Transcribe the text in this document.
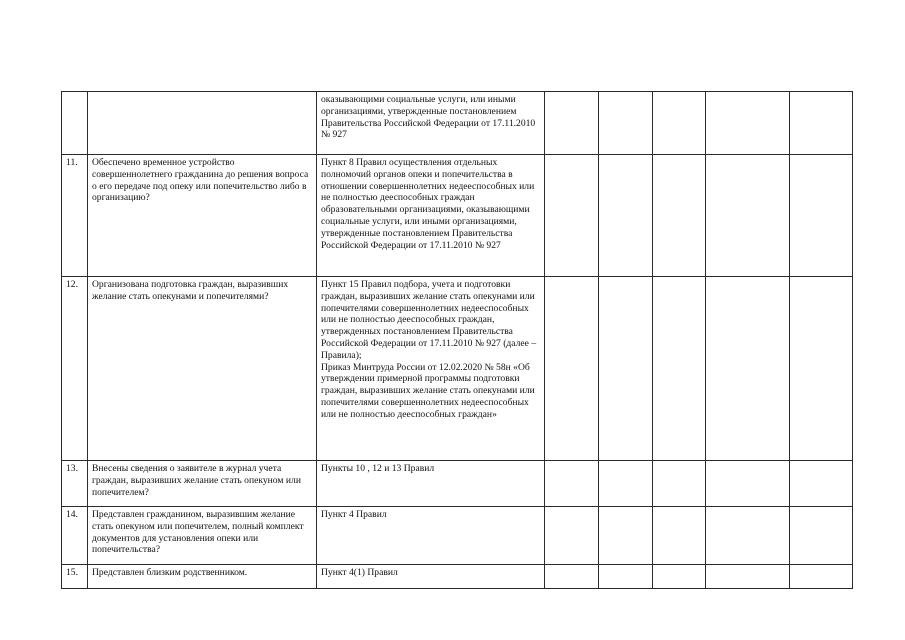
		оказывающими социальные услуги, или иными организациями, утвержденные постановлением Правительства Российской Федерации от 17.11.2010 № 927					

11.	Обеспечено временное устройство совершеннолетнего гражданина до решения вопроса о его передаче под опеку или попечительство либо в организацию?	Пункт 8 Правил осуществления отдельных полномочий органов опеки и попечительства в отношении совершеннолетних недееспособных или не полностью дееспособных граждан образовательными организациями, оказывающими социальные услуги, или иными организациями, утвержденные постановлением Правительства Российской Федерации от 17.11.2010 № 927					

12.	Организована подготовка граждан, выразивших желание стать опекунами и попечителями?	Пункт 15 Правил подбора, учета и подготовки граждан, выразивших желание стать опекунами или попечителями совершеннолетних недееспособных или не полностью дееспособных граждан, утвержденных постановлением Правительства Российской Федерации от 17.11.2010 № 927 (далее – Правила);
Приказ Минтруда России от 12.02.2020 № 58н «Об утверждении примерной программы подготовки граждан, выразивших желание стать опекунами или попечителями совершеннолетних недееспособных или не полностью дееспособных граждан»					

13.	Внесены сведения о заявителе в журнал учета граждан, выразивших желание стать опекуном или попечителем?	Пункты 10 , 12 и 13 Правил					

14.	Представлен гражданином, выразившим желание стать опекуном или попечителем, полный комплект документов для установления опеки или попечительства?	Пункт 4 Правил					

15.	Представлен близким родственником.	Пункт 4(1) Правил					
